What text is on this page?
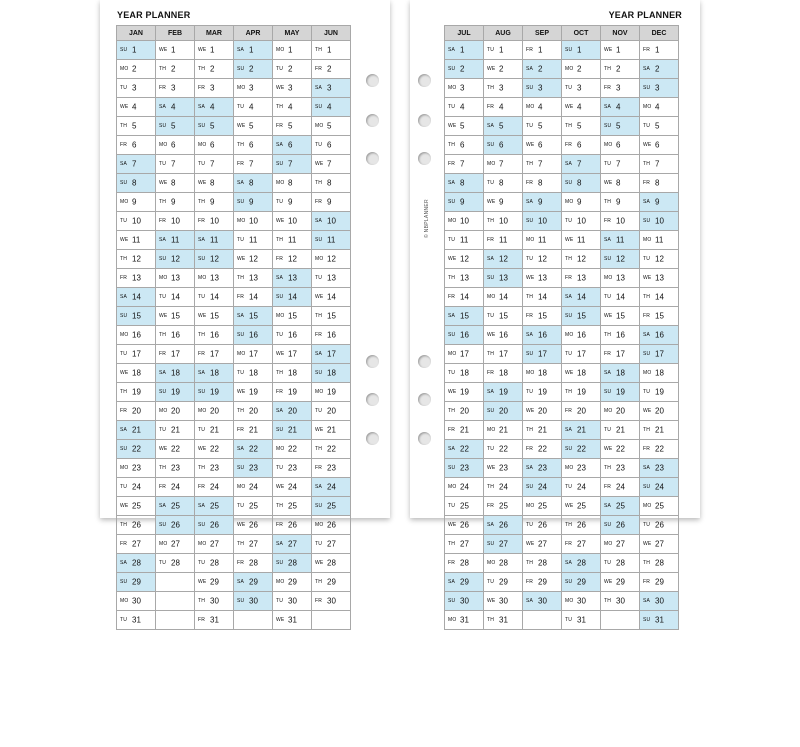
YEAR PLANNER
JAN	FEB	MAR	APR	MAY	JUN
SU 1	WE 1	WE 1	SA 1	MO 1	TH 1
MO 2	TH 2	TH 2	SU 2	TU 2	FR 2
TU 3	FR 3	FR 3	MO 3	WE 3	SA 3
WE 4	SA 4	SA 4	TU 4	TH 4	SU 4
TH 5	SU 5	SU 5	WE 5	FR 5	MO 5
FR 6	MO 6	MO 6	TH 6	SA 6	TU 6
SA 7	TU 7	TU 7	FR 7	SU 7	WE 7
SU 8	WE 8	WE 8	SA 8	MO 8	TH 8
MO 9	TH 9	TH 9	SU 9	TU 9	FR 9
TU 10	FR 10	FR 10	MO 10	WE 10	SA 10
WE 11	SA 11	SA 11	TU 11	TH 11	SU 11
TH 12	SU 12	SU 12	WE 12	FR 12	MO 12
FR 13	MO 13	MO 13	TH 13	SA 13	TU 13
SA 14	TU 14	TU 14	FR 14	SU 14	WE 14
SU 15	WE 15	WE 15	SA 15	MO 15	TH 15
MO 16	TH 16	TH 16	SU 16	TU 16	FR 16
TU 17	FR 17	FR 17	MO 17	WE 17	SA 17
WE 18	SA 18	SA 18	TU 18	TH 18	SU 18
TH 19	SU 19	SU 19	WE 19	FR 19	MO 19
FR 20	MO 20	MO 20	TH 20	SA 20	TU 20
SA 21	TU 21	TU 21	FR 21	SU 21	WE 21
SU 22	WE 22	WE 22	SA 22	MO 22	TH 22
MO 23	TH 23	TH 23	SU 23	TU 23	FR 23
TU 24	FR 24	FR 24	MO 24	WE 24	SA 24
WE 25	SA 25	SA 25	TU 25	TH 25	SU 25
TH 26	SU 26	SU 26	WE 26	FR 26	MO 26
FR 27	MO 27	MO 27	TH 27	SA 27	TU 27
SA 28	TU 28	TU 28	FR 28	SU 28	WE 28
SU 29		WE 29	SA 29	MO 29	TH 29
MO 30		TH 30	SU 30	TU 30	FR 30
TU 31		FR 31		WE 31	
YEAR PLANNER
© NBPLANNER
JUL	AUG	SEP	OCT	NOV	DEC
SA 1	TU 1	FR 1	SU 1	WE 1	FR 1
SU 2	WE 2	SA 2	MO 2	TH 2	SA 2
MO 3	TH 3	SU 3	TU 3	FR 3	SU 3
TU 4	FR 4	MO 4	WE 4	SA 4	MO 4
WE 5	SA 5	TU 5	TH 5	SU 5	TU 5
TH 6	SU 6	WE 6	FR 6	MO 6	WE 6
FR 7	MO 7	TH 7	SA 7	TU 7	TH 7
SA 8	TU 8	FR 8	SU 8	WE 8	FR 8
SU 9	WE 9	SA 9	MO 9	TH 9	SA 9
MO 10	TH 10	SU 10	TU 10	FR 10	SU 10
TU 11	FR 11	MO 11	WE 11	SA 11	MO 11
WE 12	SA 12	TU 12	TH 12	SU 12	TU 12
TH 13	SU 13	WE 13	FR 13	MO 13	WE 13
FR 14	MO 14	TH 14	SA 14	TU 14	TH 14
SA 15	TU 15	FR 15	SU 15	WE 15	FR 15
SU 16	WE 16	SA 16	MO 16	TH 16	SA 16
MO 17	TH 17	SU 17	TU 17	FR 17	SU 17
TU 18	FR 18	MO 18	WE 18	SA 18	MO 18
WE 19	SA 19	TU 19	TH 19	SU 19	TU 19
TH 20	SU 20	WE 20	FR 20	MO 20	WE 20
FR 21	MO 21	TH 21	SA 21	TU 21	TH 21
SA 22	TU 22	FR 22	SU 22	WE 22	FR 22
SU 23	WE 23	SA 23	MO 23	TH 23	SA 23
MO 24	TH 24	SU 24	TU 24	FR 24	SU 24
TU 25	FR 25	MO 25	WE 25	SA 25	MO 25
WE 26	SA 26	TU 26	TH 26	SU 26	TU 26
TH 27	SU 27	WE 27	FR 27	MO 27	WE 27
FR 28	MO 28	TH 28	SA 28	TU 28	TH 28
SA 29	TU 29	FR 29	SU 29	WE 29	FR 29
SU 30	WE 30	SA 30	MO 30	TH 30	SA 30
MO 31	TH 31		TU 31		SU 31
